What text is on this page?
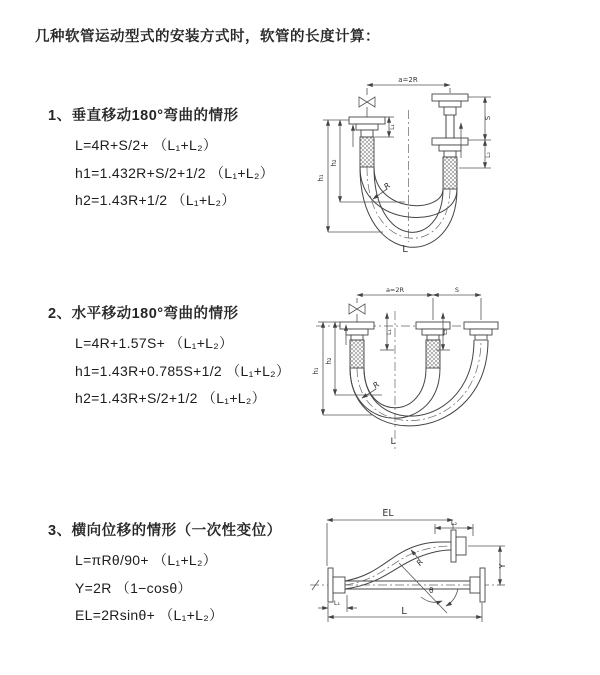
几种软管运动型式的安装方式时，软管的长度计算：
1、垂直移动180°弯曲的情形
L=4R+S/2+ （L₁+L₂）
h1=1.432R+S/2+1/2 （L₁+L₂）
h2=1.43R+1/2 （L₁+L₂）
2、水平移动180°弯曲的情形
L=4R+1.57S+ （L₁+L₂）
h1=1.43R+0.785S+1/2 （L₁+L₂）
h2=1.43R+S/2+1/2 （L₁+L₂）
3、横向位移的情形（一次性变位）
L=πRθ/90+ （L₁+L₂）
Y=2R （1−cosθ）
EL=2Rsinθ+ （L₁+L₂）
a=2R
h₁
h₂
S
L₂
L₁
R
L
a=2R	S
L₁	L₂
h₁
h₂
R
L
EL
L₂
θ
R	Y
L
L₁
